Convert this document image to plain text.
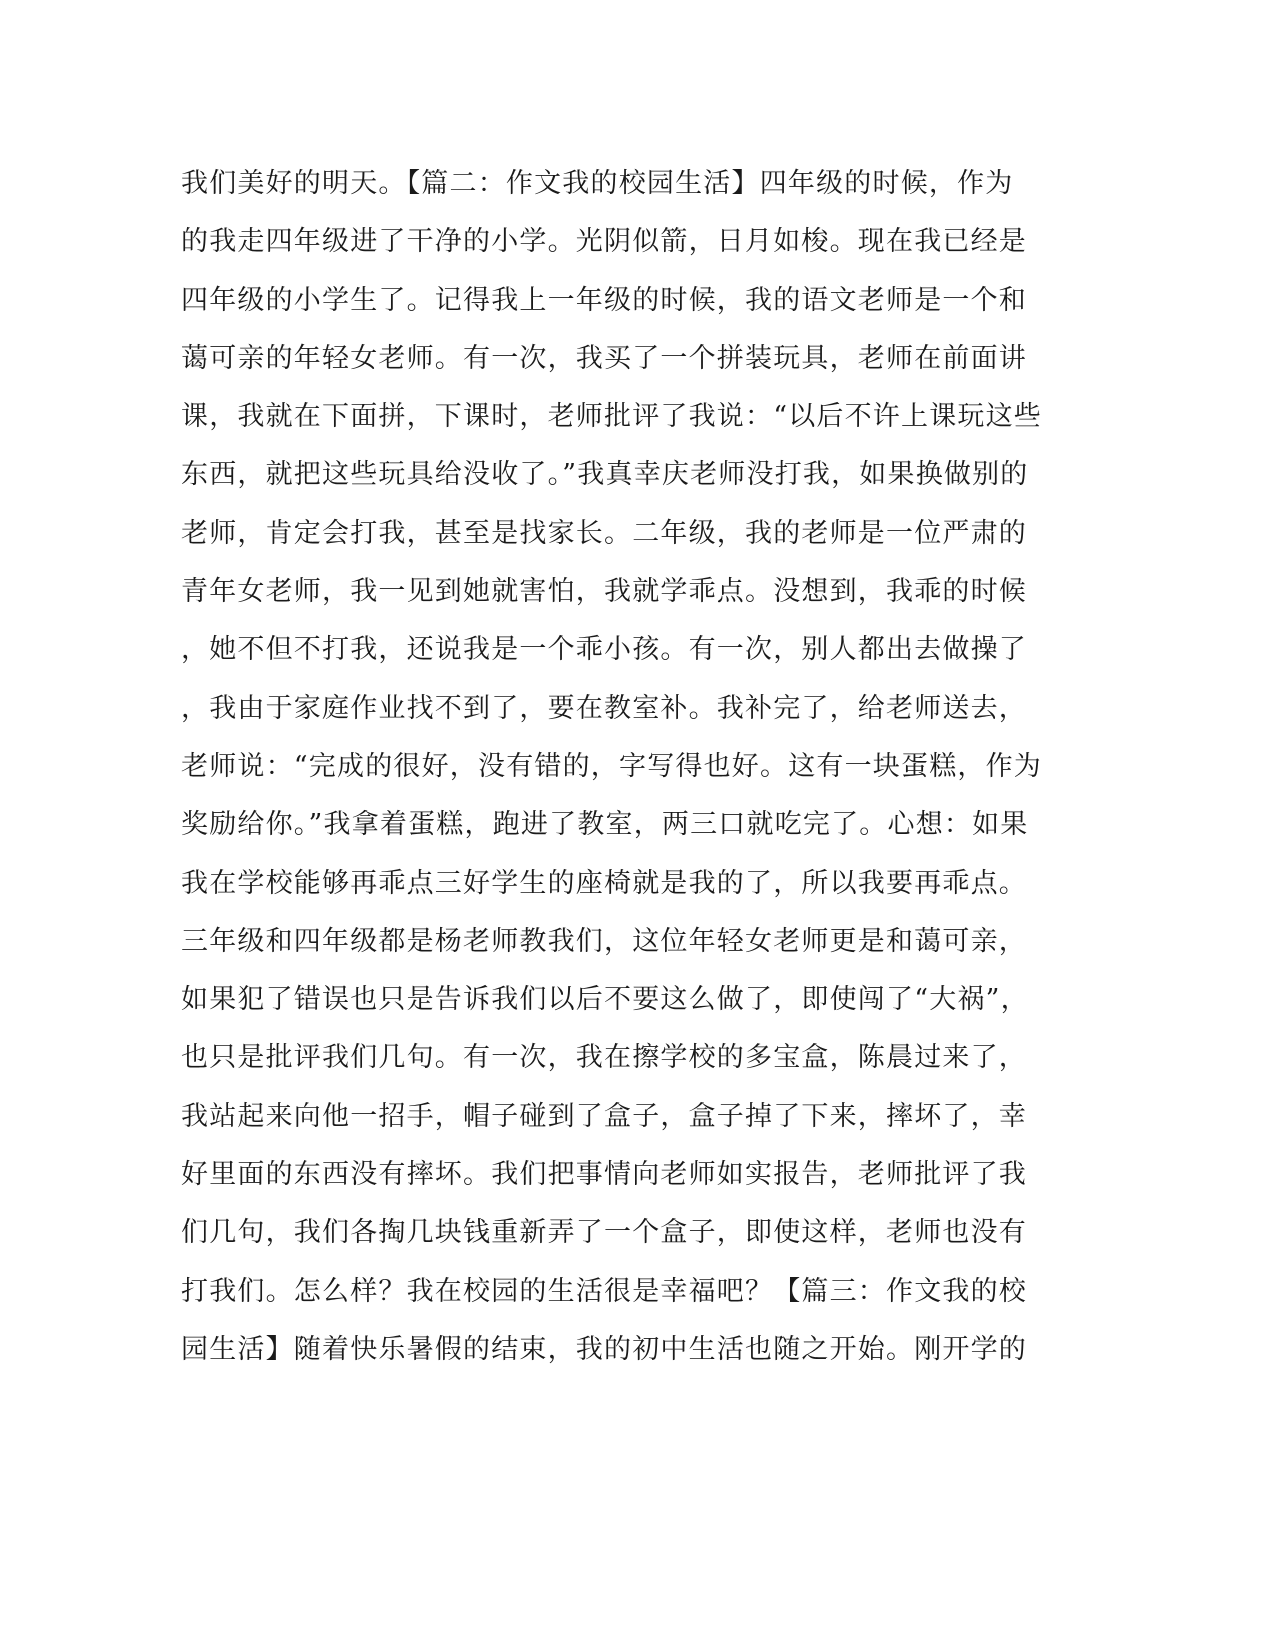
我们美好的明天。【篇二：作文我的校园生活】四年级的时候，作为
的我走四年级进了干净的小学。光阴似箭，日月如梭。现在我已经是
四年级的小学生了。记得我上一年级的时候，我的语文老师是一个和
蔼可亲的年轻女老师。有一次，我买了一个拼装玩具，老师在前面讲
课，我就在下面拼，下课时，老师批评了我说：“以后不许上课玩这些
东西，就把这些玩具给没收了。”我真幸庆老师没打我，如果换做别的
老师，肯定会打我，甚至是找家长。二年级，我的老师是一位严肃的
青年女老师，我一见到她就害怕，我就学乖点。没想到，我乖的时候
，她不但不打我，还说我是一个乖小孩。有一次，别人都出去做操了
，我由于家庭作业找不到了，要在教室补。我补完了，给老师送去，
老师说：“完成的很好，没有错的，字写得也好。这有一块蛋糕，作为
奖励给你。”我拿着蛋糕，跑进了教室，两三口就吃完了。心想：如果
我在学校能够再乖点三好学生的座椅就是我的了，所以我要再乖点。
三年级和四年级都是杨老师教我们，这位年轻女老师更是和蔼可亲，
如果犯了错误也只是告诉我们以后不要这么做了，即使闯了“大祸”，
也只是批评我们几句。有一次，我在擦学校的多宝盒，陈晨过来了，
我站起来向他一招手，帽子碰到了盒子，盒子掉了下来，摔坏了，幸
好里面的东西没有摔坏。我们把事情向老师如实报告，老师批评了我
们几句，我们各掏几块钱重新弄了一个盒子，即使这样，老师也没有
打我们。怎么样？我在校园的生活很是幸福吧？【篇三：作文我的校
园生活】随着快乐暑假的结束，我的初中生活也随之开始。刚开学的
